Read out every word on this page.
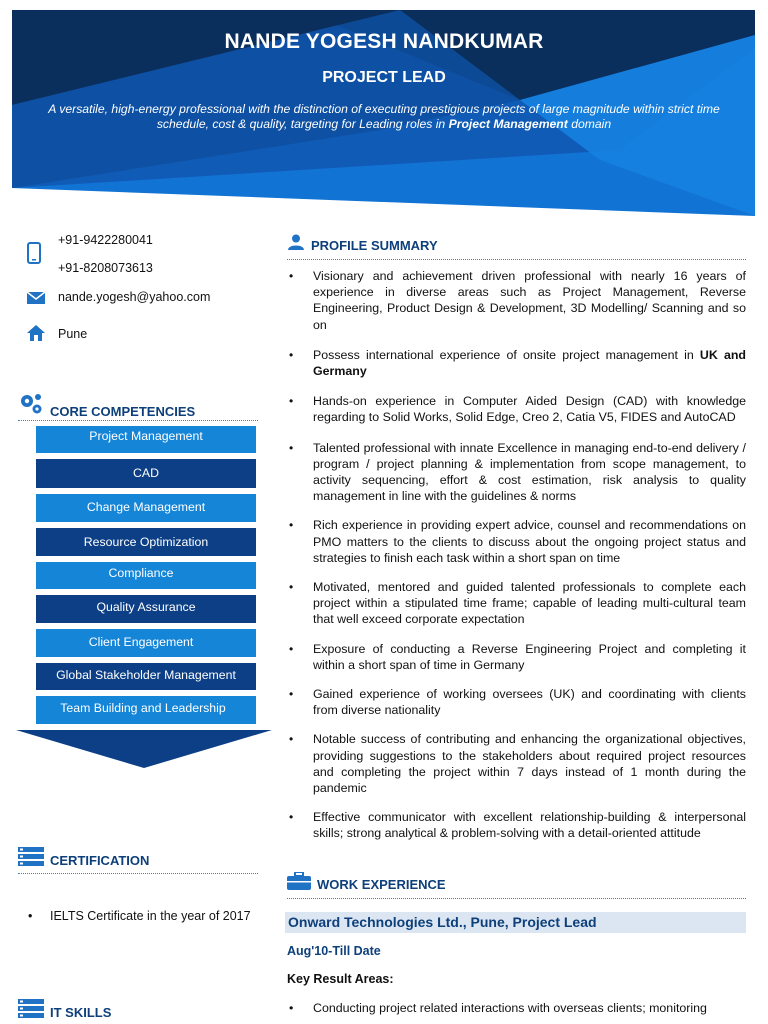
NANDE YOGESH NANDKUMAR
PROJECT LEAD
A versatile, high-energy professional with the distinction of executing prestigious projects of large magnitude within strict time schedule, cost & quality, targeting for Leading roles in Project Management domain
+91-9422280041
+91-8208073613
nande.yogesh@yahoo.com
Pune
CORE COMPETENCIES
Project Management
CAD
Change Management
Resource Optimization
Compliance
Quality Assurance
Client Engagement
Global Stakeholder Management
Team Building and Leadership
CERTIFICATION
• IELTS Certificate in the year of 2017
IT SKILLS
PROFILE SUMMARY
• Visionary and achievement driven professional with nearly 16 years of experience in diverse areas such as Project Management, Reverse Engineering, Product Design & Development, 3D Modelling/ Scanning and so on
• Possess international experience of onsite project management in UK and Germany
• Hands-on experience in Computer Aided Design (CAD) with knowledge regarding to Solid Works, Solid Edge, Creo 2, Catia V5, FIDES and AutoCAD
• Talented professional with innate Excellence in managing end-to-end delivery / program / project planning & implementation from scope management, to activity sequencing, effort & cost estimation, risk analysis to quality management in line with the guidelines & norms
• Rich experience in providing expert advice, counsel and recommendations on PMO matters to the clients to discuss about the ongoing project status and strategies to finish each task within a short span on time
• Motivated, mentored and guided talented professionals to complete each project within a stipulated time frame; capable of leading multi-cultural team that well exceed corporate expectation
• Exposure of conducting a Reverse Engineering Project and completing it within a short span of time in Germany
• Gained experience of working oversees (UK) and coordinating with clients from diverse nationality
• Notable success of contributing and enhancing the organizational objectives, providing suggestions to the stakeholders about required project resources and completing the project within 7 days instead of 1 month during the pandemic
• Effective communicator with excellent relationship-building & interpersonal skills; strong analytical & problem-solving with a detail-oriented attitude
WORK EXPERIENCE
Onward Technologies Ltd., Pune, Project Lead
Aug'10-Till Date
Key Result Areas:
• Conducting project related interactions with overseas clients; monitoring
